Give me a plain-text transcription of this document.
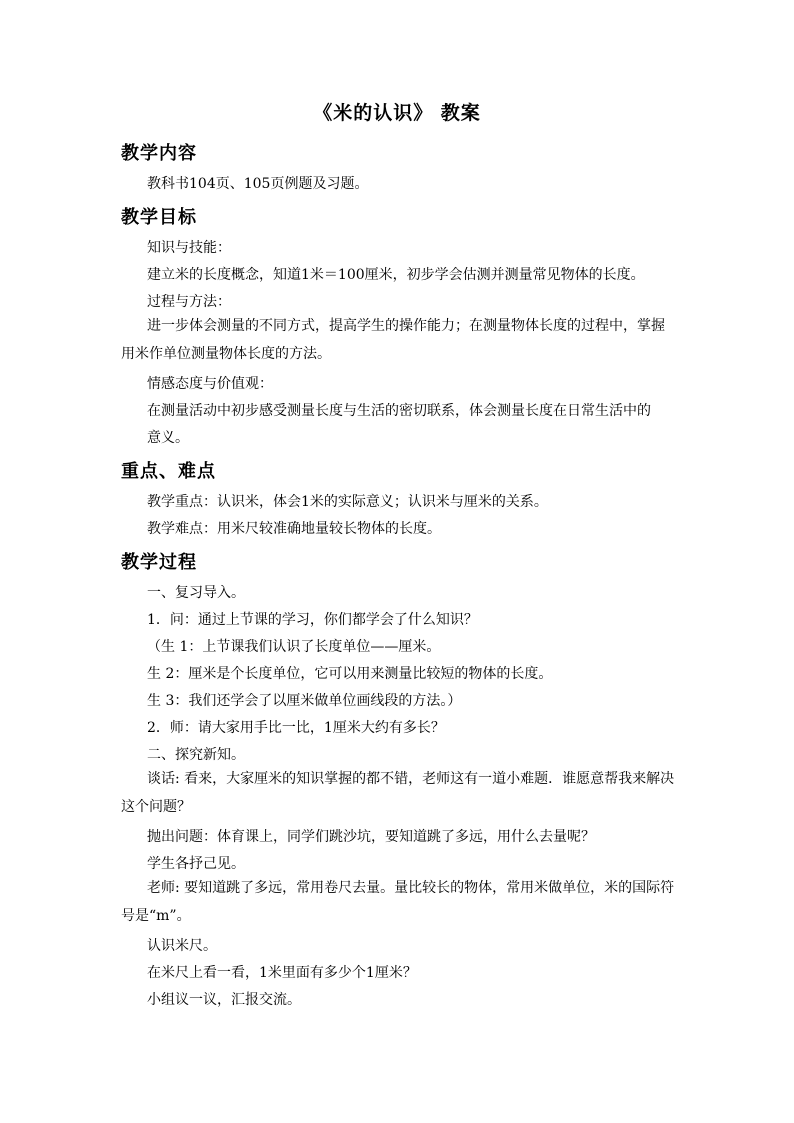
《米的认识》 教案
教学内容
教科书104页、105页例题及习题。
教学目标
知识与技能：
建立米的长度概念，知道1米＝100厘米，初步学会估测并测量常见物体的长度。
过程与方法：
进一步体会测量的不同方式，提高学生的操作能力；在测量物体长度的过程中，掌握用米作单位测量物体长度的方法。
情感态度与价值观：
在测量活动中初步感受测量长度与生活的密切联系，体会测量长度在日常生活中的
意义。
重点、难点
教学重点：认识米，体会1米的实际意义；认识米与厘米的关系。
教学难点：用米尺较准确地量较长物体的长度。
教学过程
一、复习导入。
1．问：通过上节课的学习，你们都学会了什么知识？
（生 1：上节课我们认识了长度单位——厘米。
生 2：厘米是个长度单位，它可以用来测量比较短的物体的长度。
生 3：我们还学会了以厘米做单位画线段的方法。）
2．师：请大家用手比一比，1厘米大约有多长？
二、探究新知。
谈话: 看来，大家厘米的知识掌握的都不错，老师这有一道小难题．谁愿意帮我来解决这个问题？
抛出问题：体育课上，同学们跳沙坑，要知道跳了多远，用什么去量呢？
学生各抒己见。
老师: 要知道跳了多远，常用卷尺去量。量比较长的物体，常用米做单位，米的国际符号是“m”。
认识米尺。
在米尺上看一看，1米里面有多少个1厘米？
小组议一议，汇报交流。
